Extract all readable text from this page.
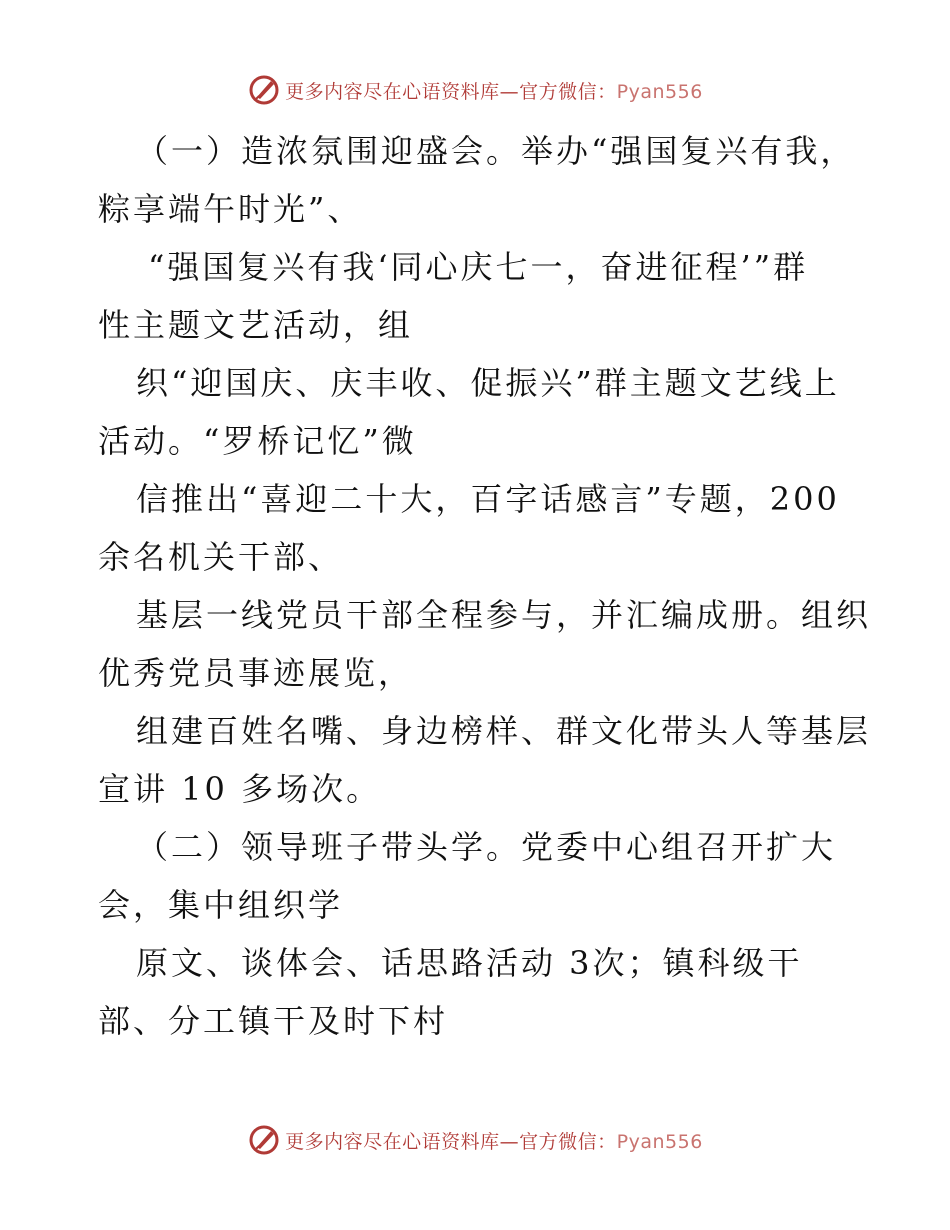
更多内容尽在心语资料库—官方微信：Pyan556
（一）造浓氛围迎盛会。举办“强国复兴有我，
粽享端午时光”、
“强国复兴有我‘同心庆七一，奋进征程’”群
性主题文艺活动，组
织“迎国庆、庆丰收、促振兴”群主题文艺线上
活动。“罗桥记忆”微
信推出“喜迎二十大，百字话感言”专题，200
余名机关干部、
基层一线党员干部全程参与，并汇编成册。组织
优秀党员事迹展览，
组建百姓名嘴、身边榜样、群文化带头人等基层
宣讲 10 多场次。
（二）领导班子带头学。党委中心组召开扩大
会，集中组织学
原文、谈体会、话思路活动 3次；镇科级干
部、分工镇干及时下村
更多内容尽在心语资料库—官方微信：Pyan556
